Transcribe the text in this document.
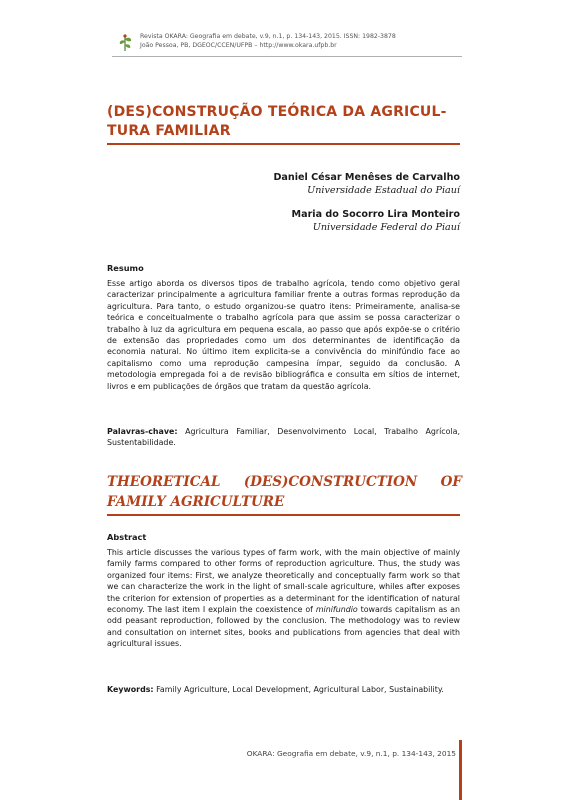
Revista OKARA: Geografia em debate, v.9, n.1, p. 134-143, 2015. ISSN: 1982-3878
João Pessoa, PB, DGEOC/CCEN/UFPB – http://www.okara.ufpb.br
(DES)CONSTRUÇÃO TEÓRICA DA AGRICUL-
TURA FAMILIAR
Daniel César Menêses de Carvalho
Universidade Estadual do Piauí
Maria do Socorro Lira Monteiro
Universidade Federal do Piauí
Resumo
Esse artigo aborda os diversos tipos de trabalho agrícola, tendo como objetivo geral caracterizar principalmente a agricultura familiar frente a outras formas reprodução da agricultura. Para tanto, o estudo organizou-se quatro itens: Primeiramente, analisa-se teórica e conceitualmente o trabalho agrícola para que assim se possa caracterizar o trabalho à luz da agricultura em pequena escala, ao passo que após expõe-se o critério de extensão das propriedades como um dos determinantes de identificação da economia natural. No último item explicita-se a convivência do minifúndio face ao capitalismo como uma reprodução campesina ímpar, seguido da conclusão. A metodologia empregada foi a de revisão bibliográfica e consulta em sítios de internet, livros e em publicações de órgãos que tratam da questão agrícola.
Palavras-chave: Agricultura Familiar, Desenvolvimento Local, Trabalho Agrícola, Sustentabilidade.
THEORETICAL (DES)CONSTRUCTION OF FAMILY AGRICULTURE
Abstract
This article discusses the various types of farm work, with the main objective of mainly family farms compared to other forms of reproduction agriculture. Thus, the study was organized four items: First, we analyze theoretically and conceptually farm work so that we can characterize the work in the light of small-scale agriculture, whiles after exposes the criterion for extension of properties as a determinant for the identification of natural economy. The last item I explain the coexistence of minifundio towards capitalism as an odd peasant reproduction, followed by the conclusion. The methodology was to review and consultation on internet sites, books and publications from agencies that deal with agricultural issues.
Keywords: Family Agriculture, Local Development, Agricultural Labor, Sustainability.
OKARA: Geografia em debate, v.9, n.1, p. 134-143, 2015
